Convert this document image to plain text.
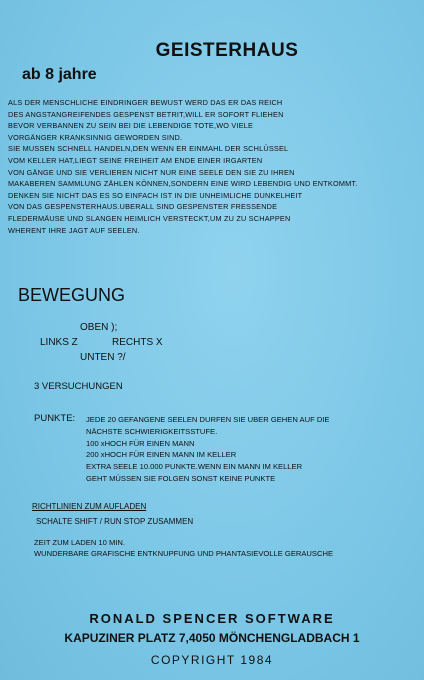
GEISTERHAUS
ab 8 jahre
ALS DER MENSCHLICHE EINDRINGER BEWUST WERD DAS ER DAS REICH
DES ANGSTANGREIFENDES GESPENST BETRIT,WILL ER SOFORT FLIEHEN
BEVOR VERBANNEN ZU SEIN BEI DIE LEBENDIGE TOTE,WO VIELE
VORGÄNGER KRANKSINNIG GEWORDEN SIND.
SIE MUSSEN SCHNELL HANDELN,DEN WENN ER EINMAHL DER SCHLÜSSEL
VOM KELLER HAT,LIEGT SEINE FREIHEIT AM ENDE EINER IRGARTEN
VON GÄNGE UND SIE VERLIEREN NICHT NUR EINE SEELE DEN SIE ZU IHREN
MAKABEREN SAMMLUNG ZÄHLEN KÖNNEN,SONDERN EINE WIRD LEBENDIG UND ENTKOMMT.
DENKEN SIE NICHT DAS ES SO EINFACH IST IN DIE UNHEIMLICHE DUNKELHEIT
VON DAS GESPENSTERHAUS.UBERALL SIND GESPENSTER FRESSENDE
FLEDERMÄUSE UND SLANGEN HEIMLICH VERSTECKT,UM ZU ZU SCHAPPEN
WHERENT IHRE JAGT AUF SEELEN.
BEWEGUNG
OBEN );
LINKS Z	RECHTS X
UNTEN ?/
3 VERSUCHUNGEN
PUNKTE: JEDE 20 GEFANGENE SEELEN DURFEN SIE UBER GEHEN AUF DIE
NÄCHSTE SCHWIERIGKEITSSTUFE.
100 xHOCH FÜR EINEN MANN
200 xHOCH FÜR EINEN MANN IM KELLER
EXTRA SEELE 10.000 PUNKTE.WENN EIN MANN IM KELLER
GEHT MÜSSEN SIE FOLGEN SONST KEINE PUNKTE
RICHTLINIEN ZUM AUFLADEN
SCHALTE SHIFT / RUN STOP ZUSAMMEN
ZEIT ZUM LADEN 10 MIN.
WUNDERBARE GRAFISCHE ENTKNUPFUNG UND PHANTASIEVOLLE GERAUSCHE
RONALD SPENCER SOFTWARE
KAPUZINER PLATZ 7,4050 MÖNCHENGLADBACH 1
COPYRIGHT 1984
